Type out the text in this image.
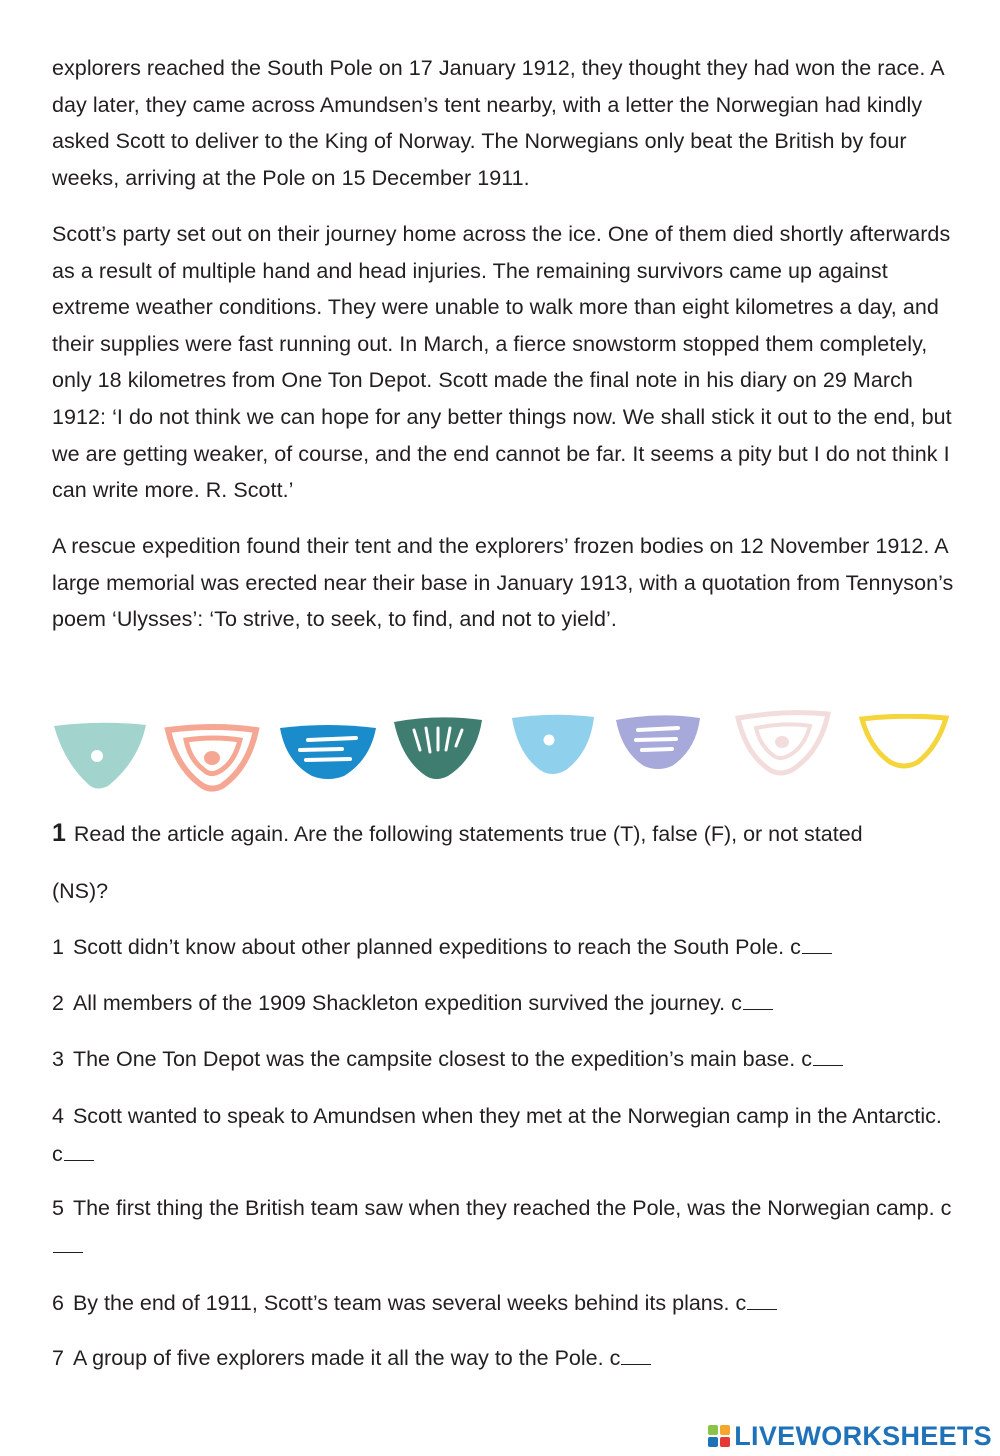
explorers reached the South Pole on 17 January 1912, they thought they had won the race. A day later, they came across Amundsen’s tent nearby, with a letter the Norwegian had kindly asked Scott to deliver to the King of Norway. The Norwegians only beat the British by four weeks, arriving at the Pole on 15 December 1911.

Scott’s party set out on their journey home across the ice. One of them died shortly afterwards as a result of multiple hand and head injuries. The remaining survivors came up against extreme weather conditions. They were unable to walk more than eight kilometres a day, and their supplies were fast running out. In March, a fierce snowstorm stopped them completely, only 18 kilometres from One Ton Depot. Scott made the final note in his diary on 29 March 1912: ‘I do not think we can hope for any better things now. We shall stick it out to the end, but we are getting weaker, of course, and the end cannot be far. It seems a pity but I do not think I can write more. R. Scott.’

A rescue expedition found their tent and the explorers’ frozen bodies on 12 November 1912. A large memorial was erected near their base in January 1913, with a quotation from Tennyson’s poem ‘Ulysses’: ‘To strive, to seek, to find, and not to yield’.

1 Read the article again. Are the following statements true (T), false (F), or not stated
(NS)?
1 Scott didn’t know about other planned expeditions to reach the South Pole. c
2 All members of the 1909 Shackleton expedition survived the journey. c
3 The One Ton Depot was the campsite closest to the expedition’s main base. c
4 Scott wanted to speak to Amundsen when they met at the Norwegian camp in the Antarctic. c
5 The first thing the British team saw when they reached the Pole, was the Norwegian camp. c
6 By the end of 1911, Scott’s team was several weeks behind its plans. c
7 A group of five explorers made it all the way to the Pole. c
LIVEWORKSHEETS
